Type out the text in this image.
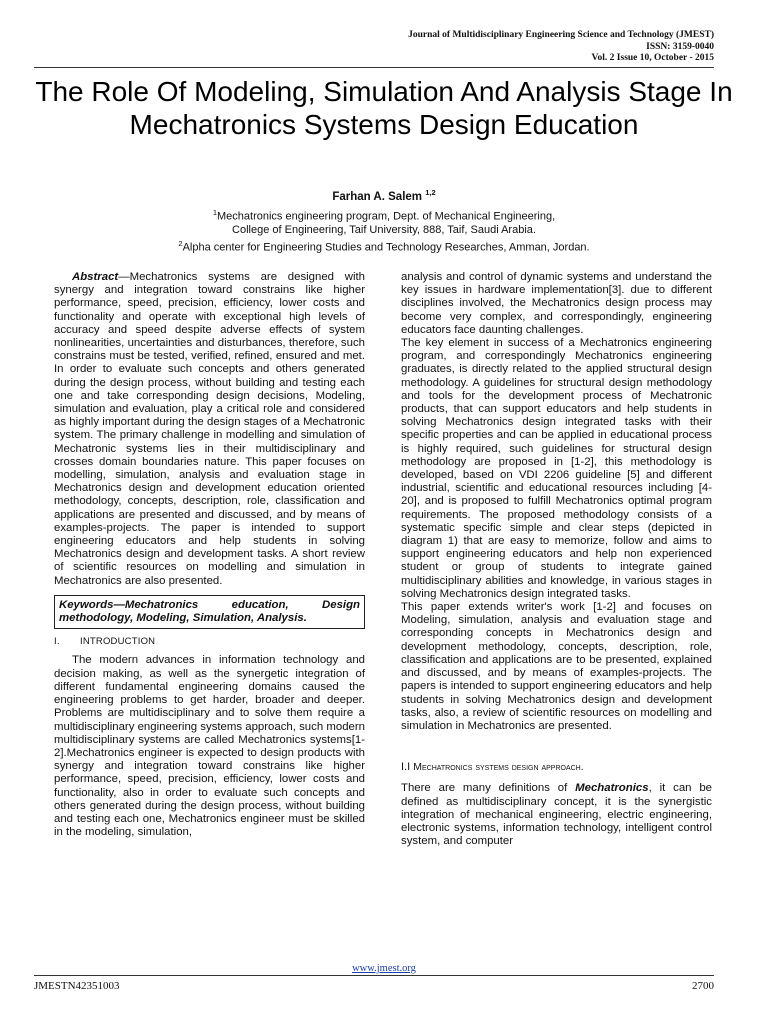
Journal of Multidisciplinary Engineering Science and Technology (JMEST)
ISSN: 3159-0040
Vol. 2 Issue 10, October - 2015
The Role Of Modeling, Simulation And Analysis Stage In Mechatronics Systems Design Education
Farhan A. Salem $^{1,2}$
$^1$Mechatronics engineering program, Dept. of Mechanical Engineering,
College of Engineering, Taif University, 888, Taif, Saudi Arabia.
$^2$Alpha center for Engineering Studies and Technology Researches, Amman, Jordan.

Abstract—Mechatronics systems are designed with synergy and integration toward constrains like higher performance, speed, precision, efficiency, lower costs and functionality and operate with exceptional high levels of accuracy and speed despite adverse effects of system nonlinearities, uncertainties and disturbances, therefore, such constrains must be tested, verified, refined, ensured and met. In order to evaluate such concepts and others generated during the design process, without building and testing each one and take corresponding design decisions, Modeling, simulation and evaluation, play a critical role and considered as highly important during the design stages of a Mechatronic system. The primary challenge in modelling and simulation of Mechatronic systems lies in their multidisciplinary and crosses domain boundaries nature. This paper focuses on modelling, simulation, analysis and evaluation stage in Mechatronics design and development education oriented methodology, concepts, description, role, classification and applications are presented and discussed, and by means of examples-projects. The paper is intended to support engineering educators and help students in solving Mechatronics design and development tasks. A short review of scientific resources on modelling and simulation in Mechatronics are also presented.

Keywords—Mechatronics education, Design methodology, Modeling, Simulation, Analysis.
I. INTRODUCTION

The modern advances in information technology and decision making, as well as the synergetic integration of different fundamental engineering domains caused the engineering problems to get harder, broader and deeper. Problems are multidisciplinary and to solve them require a multidisciplinary engineering systems approach, such modern multidisciplinary systems are called Mechatronics systems[1-2].Mechatronics engineer is expected to design products with synergy and integration toward constrains like higher performance, speed, precision, efficiency, lower costs and functionality, also in order to evaluate such concepts and others generated during the design process, without building and testing each one, Mechatronics engineer must be skilled in the modeling, simulation,

analysis and control of dynamic systems and understand the key issues in hardware implementation[3]. due to different disciplines involved, the Mechatronics design process may become very complex, and correspondingly, engineering educators face daunting challenges.

The key element in success of a Mechatronics engineering program, and correspondingly Mechatronics engineering graduates, is directly related to the applied structural design methodology. A guidelines for structural design methodology and tools for the development process of Mechatronic products, that can support educators and help students in solving Mechatronics design integrated tasks with their specific properties and can be applied in educational process is highly required, such guidelines for structural design methodology are proposed in [1-2], this methodology is developed, based on VDI 2206 guideline [5] and different industrial, scientific and educational resources including [4-20], and is proposed to fulfill Mechatronics optimal program requirements. The proposed methodology consists of a systematic specific simple and clear steps (depicted in diagram 1) that are easy to memorize, follow and aims to support engineering educators and help non experienced student or group of students to integrate gained multidisciplinary abilities and knowledge, in various stages in solving Mechatronics design integrated tasks.

This paper extends writer's work [1-2] and focuses on Modeling, simulation, analysis and evaluation stage and corresponding concepts in Mechatronics design and development methodology, concepts, description, role, classification and applications are to be presented, explained and discussed, and by means of examples-projects. The papers is intended to support engineering educators and help students in solving Mechatronics design and development tasks, also, a review of scientific resources on modelling and simulation in Mechatronics are presented.

I.I Mechatronics systems design approach.

There are many definitions of Mechatronics, it can be defined as multidisciplinary concept, it is the synergistic integration of mechanical engineering, electric engineering, electronic systems, information technology, intelligent control system, and computer

www.jmest.org
JMESTN42351003	2700
